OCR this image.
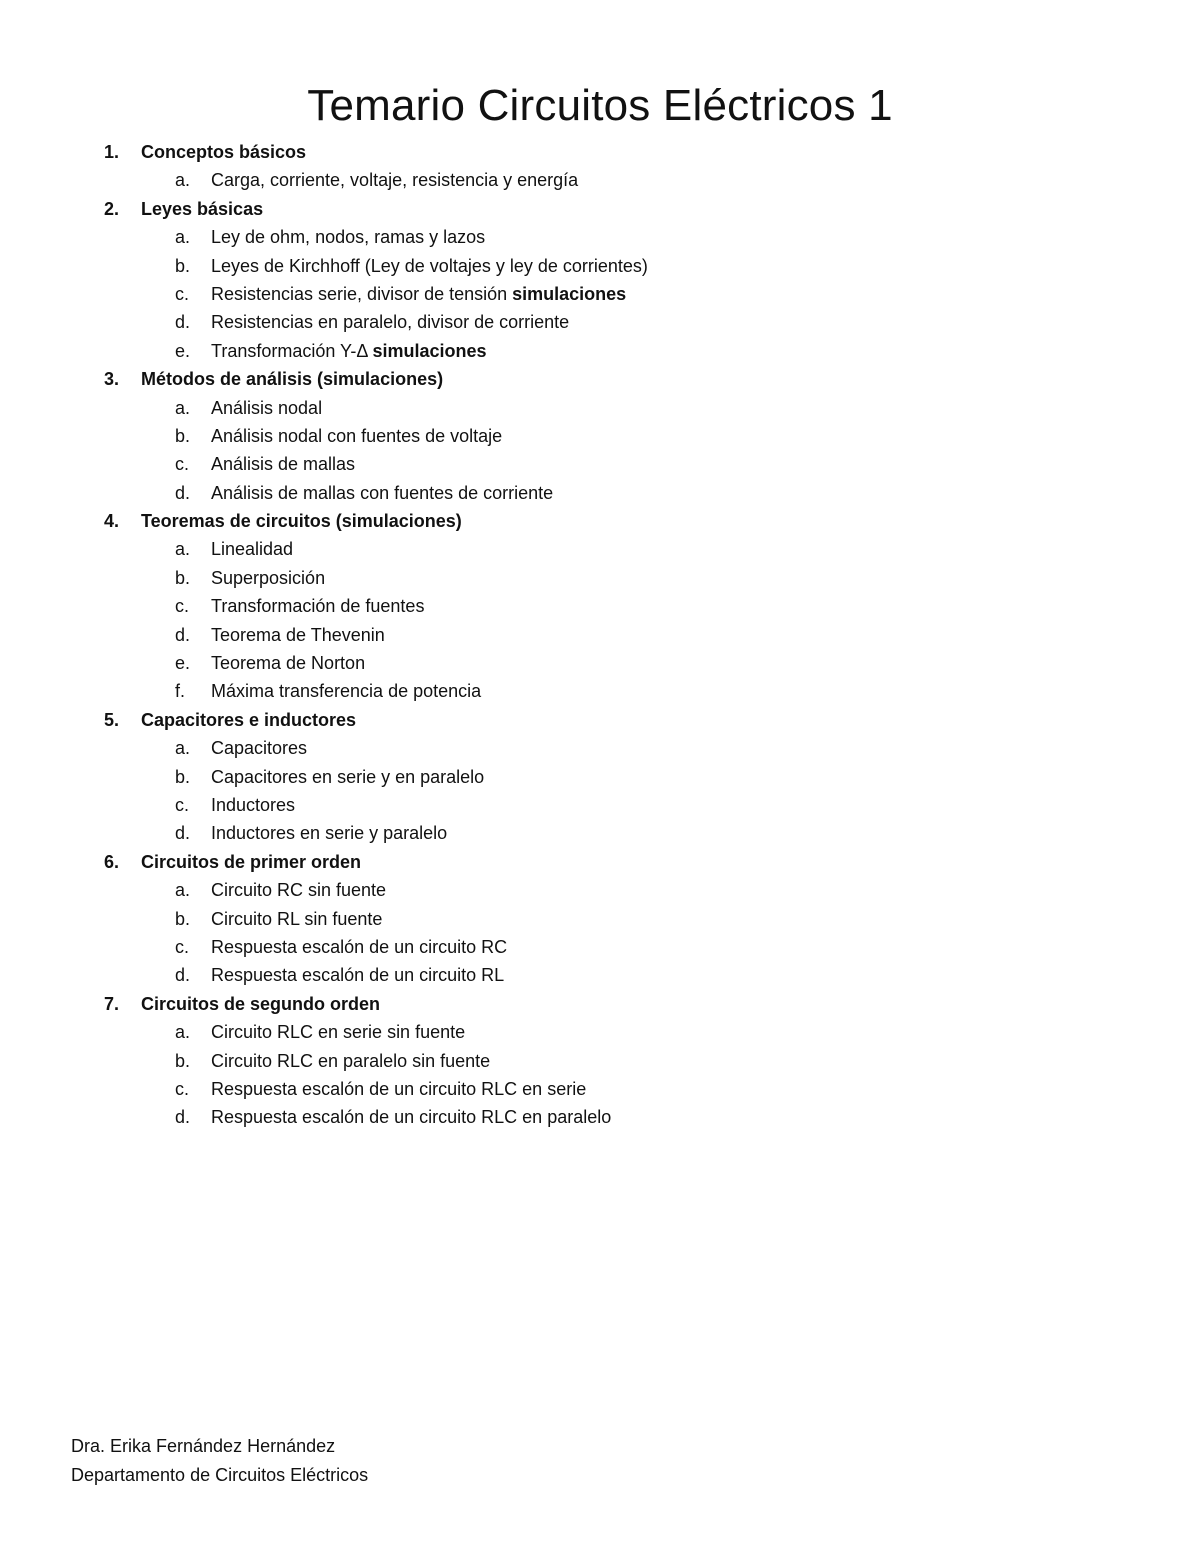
Temario Circuitos Eléctricos 1
1. Conceptos básicos
a. Carga, corriente, voltaje, resistencia y energía
2. Leyes básicas
a. Ley de ohm, nodos, ramas y lazos
b. Leyes de Kirchhoff (Ley de voltajes y ley de corrientes)
c. Resistencias serie, divisor de tensión simulaciones
d. Resistencias en paralelo, divisor de corriente
e. Transformación Y-Δ simulaciones
3. Métodos de análisis (simulaciones)
a. Análisis nodal
b. Análisis nodal con fuentes de voltaje
c. Análisis de mallas
d. Análisis de mallas con fuentes de corriente
4. Teoremas de circuitos (simulaciones)
a. Linealidad
b. Superposición
c. Transformación de fuentes
d. Teorema de Thevenin
e. Teorema de Norton
f. Máxima transferencia de potencia
5. Capacitores e inductores
a. Capacitores
b. Capacitores en serie y en paralelo
c. Inductores
d. Inductores en serie y paralelo
6. Circuitos de primer orden
a. Circuito RC sin fuente
b. Circuito RL sin fuente
c. Respuesta escalón de un circuito RC
d. Respuesta escalón de un circuito RL
7. Circuitos de segundo orden
a. Circuito RLC en serie sin fuente
b. Circuito RLC en paralelo sin fuente
c. Respuesta escalón de un circuito RLC en serie
d. Respuesta escalón de un circuito RLC en paralelo
Dra. Erika Fernández Hernández
Departamento de Circuitos Eléctricos
